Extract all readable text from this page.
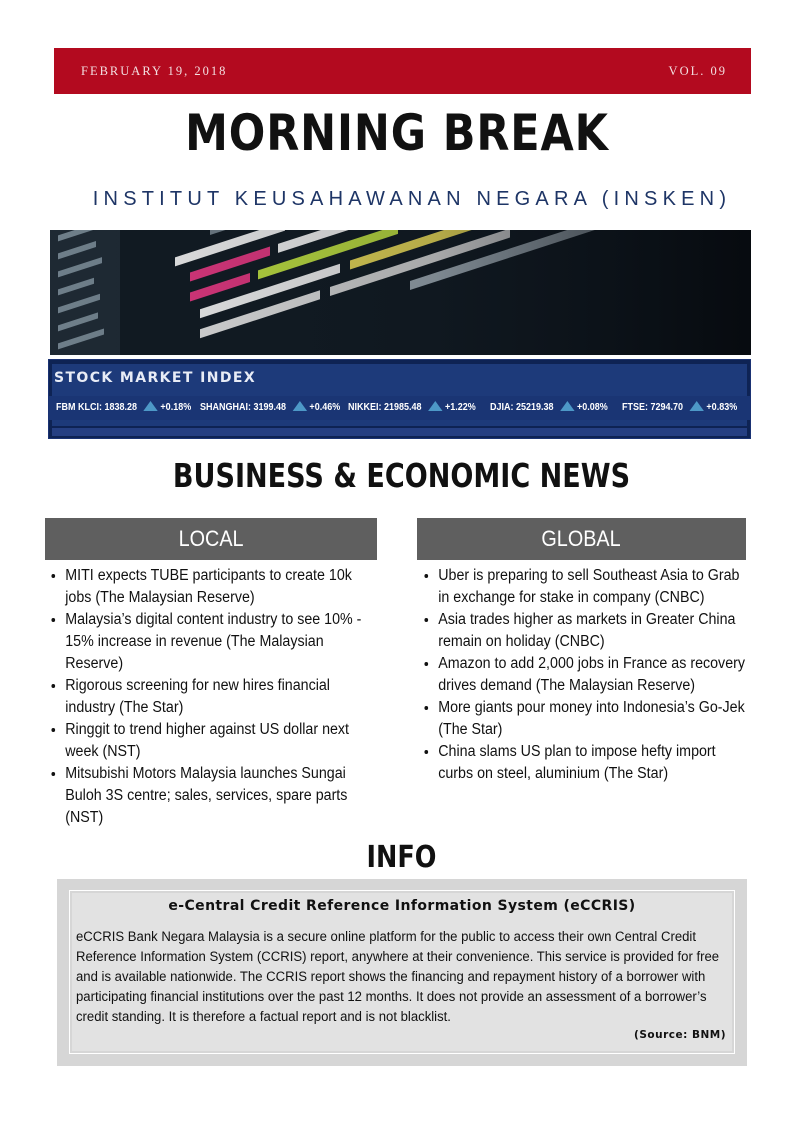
FEBRUARY 19, 2018	VOL. 09
MORNING BREAK
INSTITUT KEUSAHAWANAN NEGARA (INSKEN)
STOCK MARKET INDEX
FBM KLCI: 1838.28 +0.18% SHANGHAI: 3199.48 +0.46% NIKKEI: 21985.48 +1.22% DJIA: 25219.38 +0.08% FTSE: 7294.70 +0.83%
BUSINESS & ECONOMIC NEWS
LOCAL	GLOBAL
• MITI expects TUBE participants to create 10k jobs (The Malaysian Reserve)
• Malaysia’s digital content industry to see 10% - 15% increase in revenue (The Malaysian Reserve)
• Rigorous screening for new hires financial industry (The Star)
• Ringgit to trend higher against US dollar next week (NST)
• Mitsubishi Motors Malaysia launches Sungai Buloh 3S centre; sales, services, spare parts (NST)
• Uber is preparing to sell Southeast Asia to Grab in exchange for stake in company (CNBC)
• Asia trades higher as markets in Greater China remain on holiday (CNBC)
• Amazon to add 2,000 jobs in France as recovery drives demand (The Malaysian Reserve)
• More giants pour money into Indonesia’s Go-Jek (The Star)
• China slams US plan to impose hefty import curbs on steel, aluminium (The Star)
INFO
e-Central Credit Reference Information System (eCCRIS)
eCCRIS Bank Negara Malaysia is a secure online platform for the public to access their own Central Credit Reference Information System (CCRIS) report, anywhere at their convenience. This service is provided for free and is available nationwide. The CCRIS report shows the financing and repayment history of a borrower with participating financial institutions over the past 12 months. It does not provide an assessment of a borrower’s credit standing. It is therefore a factual report and is not blacklist.
(Source: BNM)
